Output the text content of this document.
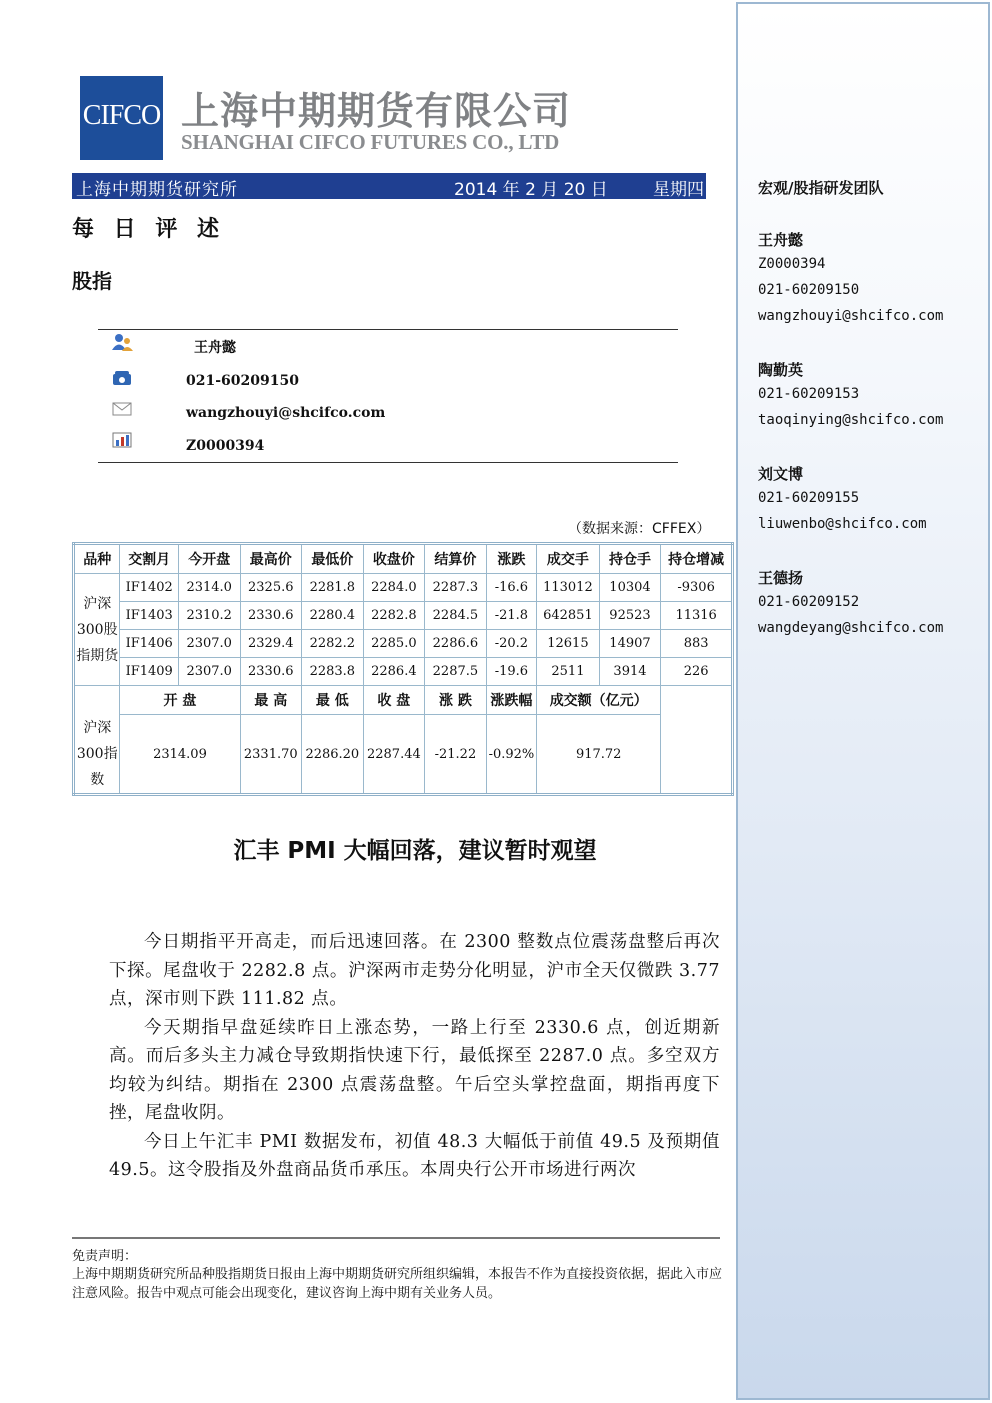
CIFCO 上海中期期货有限公司
SHANGHAI CIFCO FUTURES CO., LTD
上海中期期货研究所	2014 年 2 月 20 日	星期四
每 日 评 述
股指
王舟懿
021-60209150
wangzhouyi@shcifco.com
Z0000394
（数据来源：CFFEX）
品种	交割月	今开盘	最高价	最低价	收盘价	结算价	涨跌	成交手	持仓手	持仓增减
沪深300股指期货	IF1402	2314.0	2325.6	2281.8	2284.0	2287.3	-16.6	113012	10304	-9306
	IF1403	2310.2	2330.6	2280.4	2282.8	2284.5	-21.8	642851	92523	11316
	IF1406	2307.0	2329.4	2282.2	2285.0	2286.6	-20.2	12615	14907	883
	IF1409	2307.0	2330.6	2283.8	2286.4	2287.5	-19.6	2511	3914	226
	开 盘		最 高	最 低	收 盘	涨 跌	涨跌幅	成交额（亿元）		
沪深300指数	2314.09		2331.70	2286.20	2287.44	-21.22	-0.92%	917.72		
汇丰 PMI 大幅回落，建议暂时观望

今日期指平开高走，而后迅速回落。在 2300 整数点位震荡盘整后再次下探。尾盘收于 2282.8 点。沪深两市走势分化明显，沪市全天仅微跌 3.77 点，深市则下跌 111.82 点。

今天期指早盘延续昨日上涨态势，一路上行至 2330.6 点，创近期新高。而后多头主力减仓导致期指快速下行，最低探至 2287.0 点。多空双方均较为纠结。期指在 2300 点震荡盘整。午后空头掌控盘面，期指再度下挫，尾盘收阴。

今日上午汇丰 PMI 数据发布，初值 48.3 大幅低于前值 49.5 及预期值 49.5。这令股指及外盘商品货币承压。本周央行公开市场进行两次

免责声明：
上海中期期货研究所品种股指期货日报由上海中期期货研究所组织编辑，本报告不作为直接投资依据，据此入市应注意风险。报告中观点可能会出现变化，建议咨询上海中期有关业务人员。
宏观/股指研发团队
王舟懿
Z0000394
021-60209150
wangzhouyi@shcifco.com
陶勤英
021-60209153
taoqinying@shcifco.com
刘文博
021-60209155
liuwenbo@shcifco.com
王德扬
021-60209152
wangdeyang@shcifco.com
